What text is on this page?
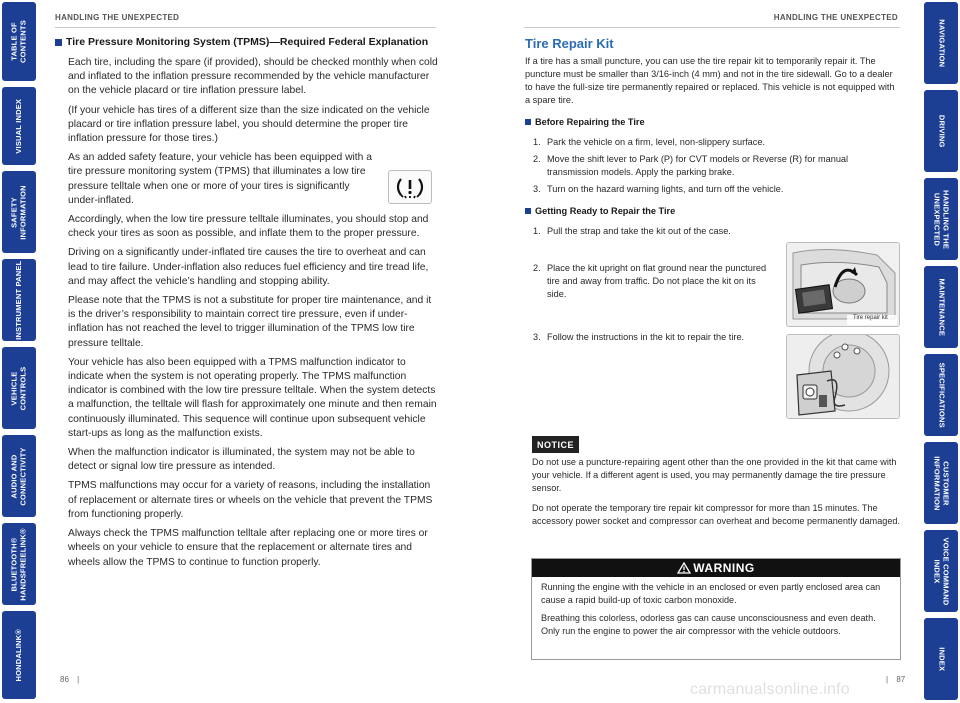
TABLE OF CONTENTS
VISUAL INDEX
SAFETY
INFORMATION
INSTRUMENT PANEL
VEHICLE
CONTROLS
AUDIO AND
CONNECTIVITY
BLUETOOTH®
HANDSFREELINK®
HONDALINK®
NAVIGATION
DRIVING
HANDLING THE
UNEXPECTED
MAINTENANCE
SPECIFICATIONS
CUSTOMER
INFORMATION
VOICE COMMAND
INDEX
INDEX
HANDLING THE UNEXPECTED	HANDLING THE UNEXPECTED
Tire Pressure Monitoring System (TPMS)—Required Federal Explanation

Each tire, including the spare (if provided), should be checked monthly when cold and inflated to the inflation pressure recommended by the vehicle manufacturer on the vehicle placard or tire inflation pressure label.

(If your vehicle has tires of a different size than the size indicated on the vehicle placard or tire inflation pressure label, you should determine the proper tire inflation pressure for those tires.)

As an added safety feature, your vehicle has been equipped with a tire pressure monitoring system (TPMS) that illuminates a low tire pressure telltale when one or more of your tires is significantly under-inflated.

Accordingly, when the low tire pressure telltale illuminates, you should stop and check your tires as soon as possible, and inflate them to the proper pressure.

Driving on a significantly under-inflated tire causes the tire to overheat and can lead to tire failure. Under-inflation also reduces fuel efficiency and tire tread life, and may affect the vehicle’s handling and stopping ability.

Please note that the TPMS is not a substitute for proper tire maintenance, and it is the driver’s responsibility to maintain correct tire pressure, even if under-inflation has not reached the level to trigger illumination of the TPMS low tire pressure telltale.

Your vehicle has also been equipped with a TPMS malfunction indicator to indicate when the system is not operating properly. The TPMS malfunction indicator is combined with the low tire pressure telltale. When the system detects a malfunction, the telltale will flash for approximately one minute and then remain continuously illuminated. This sequence will continue upon subsequent vehicle start-ups as long as the malfunction exists.

When the malfunction indicator is illuminated, the system may not be able to detect or signal low tire pressure as intended.

TPMS malfunctions may occur for a variety of reasons, including the installation of replacement or alternate tires or wheels on the vehicle that prevent the TPMS from functioning properly.

Always check the TPMS malfunction telltale after replacing one or more tires or wheels on your vehicle to ensure that the replacement or alternate tires and wheels allow the TPMS to continue to function properly.

Tire Repair Kit

If a tire has a small puncture, you can use the tire repair kit to temporarily repair it. The puncture must be smaller than 3/16-inch (4 mm) and not in the tire sidewall. Go to a dealer to have the full-size tire permanently repaired or replaced. This vehicle is not equipped with a spare tire.

Before Repairing the Tire
1. Park the vehicle on a firm, level, non-slippery surface.
2. Move the shift lever to Park (P) for CVT models or Reverse (R) for manual transmission models. Apply the parking brake.
3. Turn on the hazard warning lights, and turn off the vehicle.
Getting Ready to Repair the Tire
1. Pull the strap and take the kit out of the case.
2. Place the kit upright on flat ground near the punctured tire and away from traffic. Do not place the kit on its side.
3. Follow the instructions in the kit to repair the tire.
Tire repair kit
NOTICE

Do not use a puncture-repairing agent other than the one provided in the kit that came with your vehicle. If a different agent is used, you may permanently damage the tire pressure sensor.

Do not operate the temporary tire repair kit compressor for more than 15 minutes. The accessory power socket and compressor can overheat and become permanently damaged.

WARNING

Running the engine with the vehicle in an enclosed or even partly enclosed area can cause a rapid build-up of toxic carbon monoxide.

Breathing this colorless, odorless gas can cause unconsciousness and even death. Only run the engine to power the air compressor with the vehicle outdoors.

86 |	| 87
carmanualsonline.info
